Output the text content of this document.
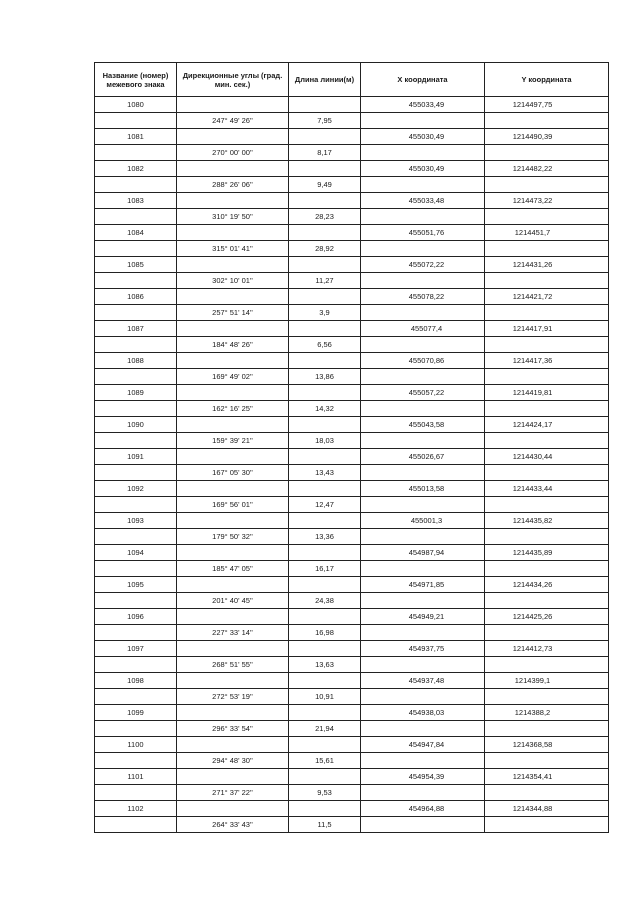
Название (номер) межевого знака	Дирекционные углы (град. мин. сек.)	Длина линии(м)	X координата	Y координата
1080			455033,49	1214497,75
	247° 49' 26''	7,95		
1081			455030,49	1214490,39
	270° 00' 00''	8,17		
1082			455030,49	1214482,22
	288° 26' 06''	9,49		
1083			455033,48	1214473,22
	310° 19' 50''	28,23		
1084			455051,76	1214451,7
	315° 01' 41''	28,92		
1085			455072,22	1214431,26
	302° 10' 01''	11,27		
1086			455078,22	1214421,72
	257° 51' 14''	3,9		
1087			455077,4	1214417,91
	184° 48' 26''	6,56		
1088			455070,86	1214417,36
	169° 49' 02''	13,86		
1089			455057,22	1214419,81
	162° 16' 25''	14,32		
1090			455043,58	1214424,17
	159° 39' 21''	18,03		
1091			455026,67	1214430,44
	167° 05' 30''	13,43		
1092			455013,58	1214433,44
	169° 56' 01''	12,47		
1093			455001,3	1214435,82
	179° 50' 32''	13,36		
1094			454987,94	1214435,89
	185° 47' 05''	16,17		
1095			454971,85	1214434,26
	201° 40' 45''	24,38		
1096			454949,21	1214425,26
	227° 33' 14''	16,98		
1097			454937,75	1214412,73
	268° 51' 55''	13,63		
1098			454937,48	1214399,1
	272° 53' 19''	10,91		
1099			454938,03	1214388,2
	296° 33' 54''	21,94		
1100			454947,84	1214368,58
	294° 48' 30''	15,61		
1101			454954,39	1214354,41
	271° 37' 22''	9,53		
1102			454964,88	1214344,88
	264° 33' 43''	11,5		
